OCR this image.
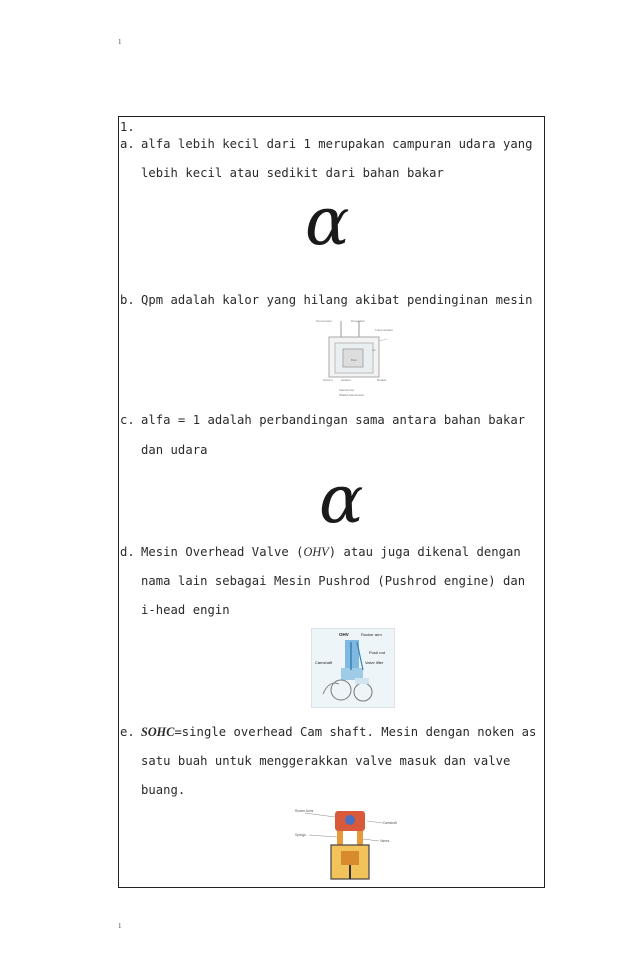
1
1.
a. alfa lebih kecil dari 1 merupakan campuran udara yang
lebih kecil atau sedikit dari bahan bakar
α
b. Qpm adalah kalor yang hilang akibat pendinginan mesin
Termometer	Pengaduk
Tutup isolator
Air
Bom
Reaksi
Sumbu	Isolator
Kalorimeter
Wadah kalorimeter
c. alfa = 1 adalah perbandingan sama antara bahan bakar
dan udara
α
d. Mesin Overhead Valve (OHV) atau juga dikenal dengan
nama lain sebagai Mesin Pushrod (Pushrod engine) dan
i-head engin
OHV	Rocker arm
Push rod
Camshaft	Valve lifter
e. SOHC=single overhead Cam shaft. Mesin dengan noken as
satu buah untuk menggerakkan valve masuk dan valve
buang.
Rocker Arms
Camshaft
Springs
Valves
1
